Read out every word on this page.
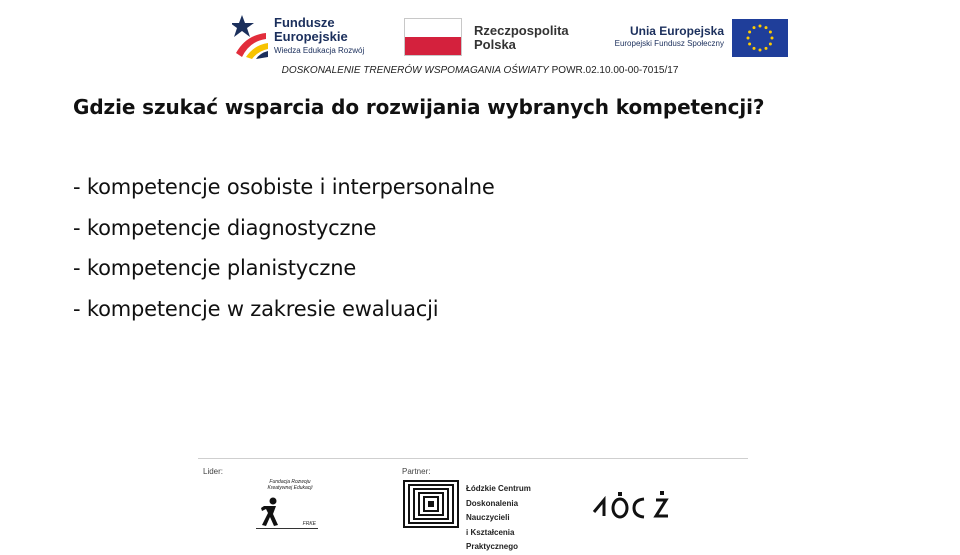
Fundusze
Europejskie
Wiedza Edukacja Rozwój
Rzeczpospolita
Polska
Unia Europejska
Europejski Fundusz Społeczny
DOSKONALENIE TRENERÓW WSPOMAGANIA OŚWIATY POWR.02.10.00-00-7015/17
Gdzie szukać wsparcia do rozwijania wybranych kompetencji?
- kompetencje osobiste i interpersonalne
- kompetencje diagnostyczne
- kompetencje planistyczne
- kompetencje w zakresie ewaluacji
Lider:	Partner:
Fundacja Rozwoju Kreatywnej Edukacji
FRKE
Łódzkie Centrum
Doskonalenia Nauczycieli
i Kształcenia Praktycznego
